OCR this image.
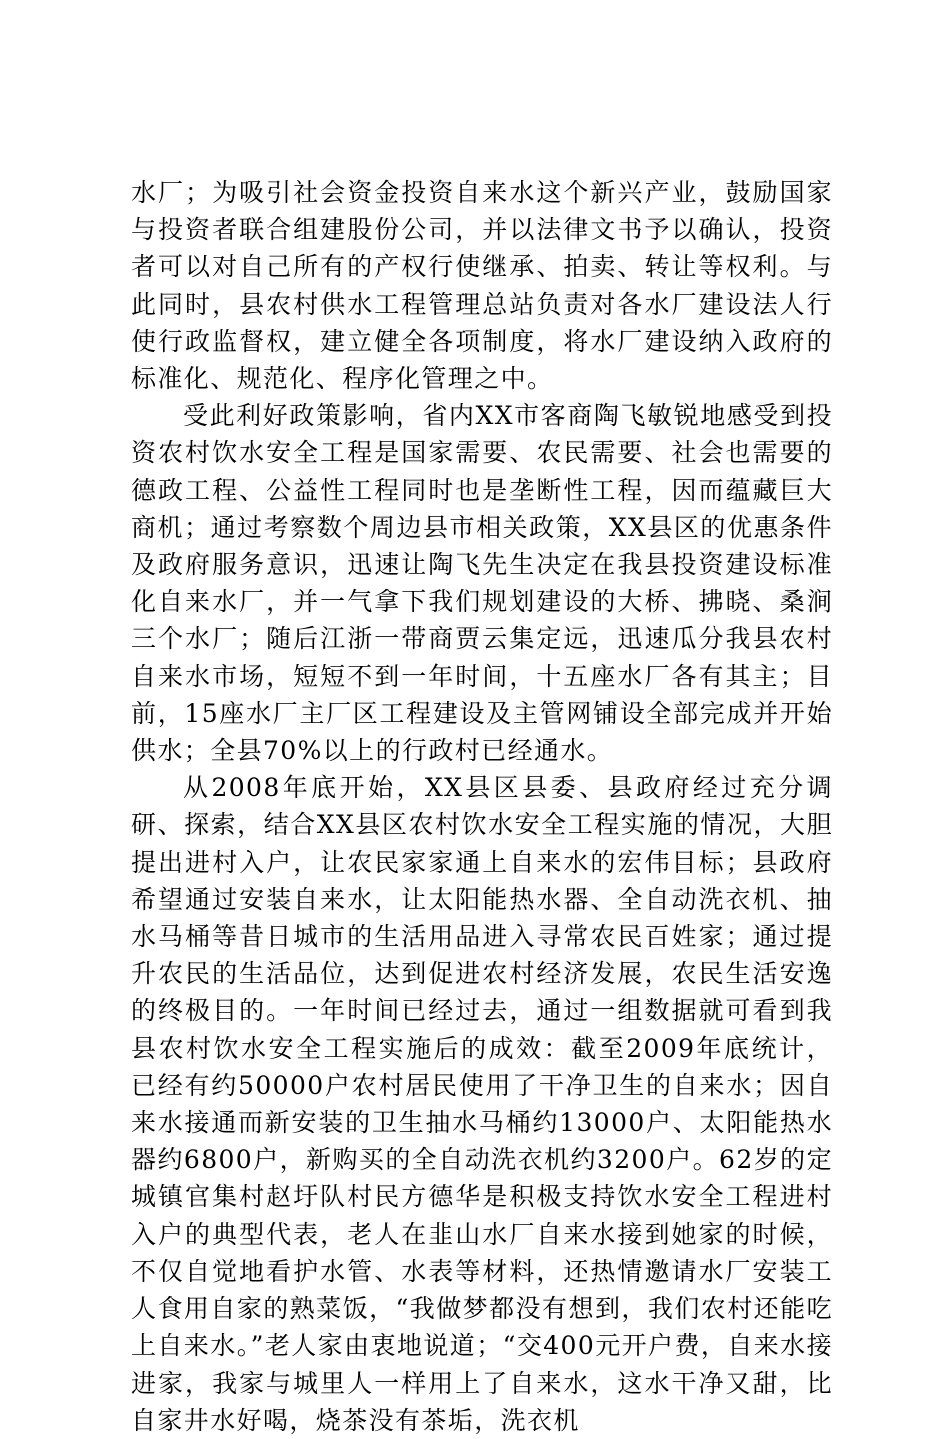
水厂；为吸引社会资金投资自来水这个新兴产业，鼓励国家与投资者联合组建股份公司，并以法律文书予以确认，投资者可以对自己所有的产权行使继承、拍卖、转让等权利。与此同时，县农村供水工程管理总站负责对各水厂建设法人行使行政监督权，建立健全各项制度，将水厂建设纳入政府的标准化、规范化、程序化管理之中。

受此利好政策影响，省内XX市客商陶飞敏锐地感受到投资农村饮水安全工程是国家需要、农民需要、社会也需要的德政工程、公益性工程同时也是垄断性工程，因而蕴藏巨大商机；通过考察数个周边县市相关政策，XX县区的优惠条件及政府服务意识，迅速让陶飞先生决定在我县投资建设标准化自来水厂，并一气拿下我们规划建设的大桥、拂晓、桑涧三个水厂；随后江浙一带商贾云集定远，迅速瓜分我县农村自来水市场，短短不到一年时间，十五座水厂各有其主；目前，15座水厂主厂区工程建设及主管网铺设全部完成并开始供水；全县70%以上的行政村已经通水。

从2008年底开始，XX县区县委、县政府经过充分调研、探索，结合XX县区农村饮水安全工程实施的情况，大胆提出进村入户，让农民家家通上自来水的宏伟目标；县政府希望通过安装自来水，让太阳能热水器、全自动洗衣机、抽水马桶等昔日城市的生活用品进入寻常农民百姓家；通过提升农民的生活品位，达到促进农村经济发展，农民生活安逸的终极目的。一年时间已经过去，通过一组数据就可看到我县农村饮水安全工程实施后的成效：截至2009年底统计，已经有约50000户农村居民使用了干净卫生的自来水；因自来水接通而新安装的卫生抽水马桶约13000户、太阳能热水器约6800户，新购买的全自动洗衣机约3200户。62岁的定城镇官集村赵圩队村民方德华是积极支持饮水安全工程进村入户的典型代表，老人在韭山水厂自来水接到她家的时候，不仅自觉地看护水管、水表等材料，还热情邀请水厂安装工人食用自家的熟菜饭，“我做梦都没有想到，我们农村还能吃上自来水。”老人家由衷地说道；“交400元开户费，自来水接进家，我家与城里人一样用上了自来水，这水干净又甜，比自家井水好喝，烧茶没有茶垢，洗衣机
